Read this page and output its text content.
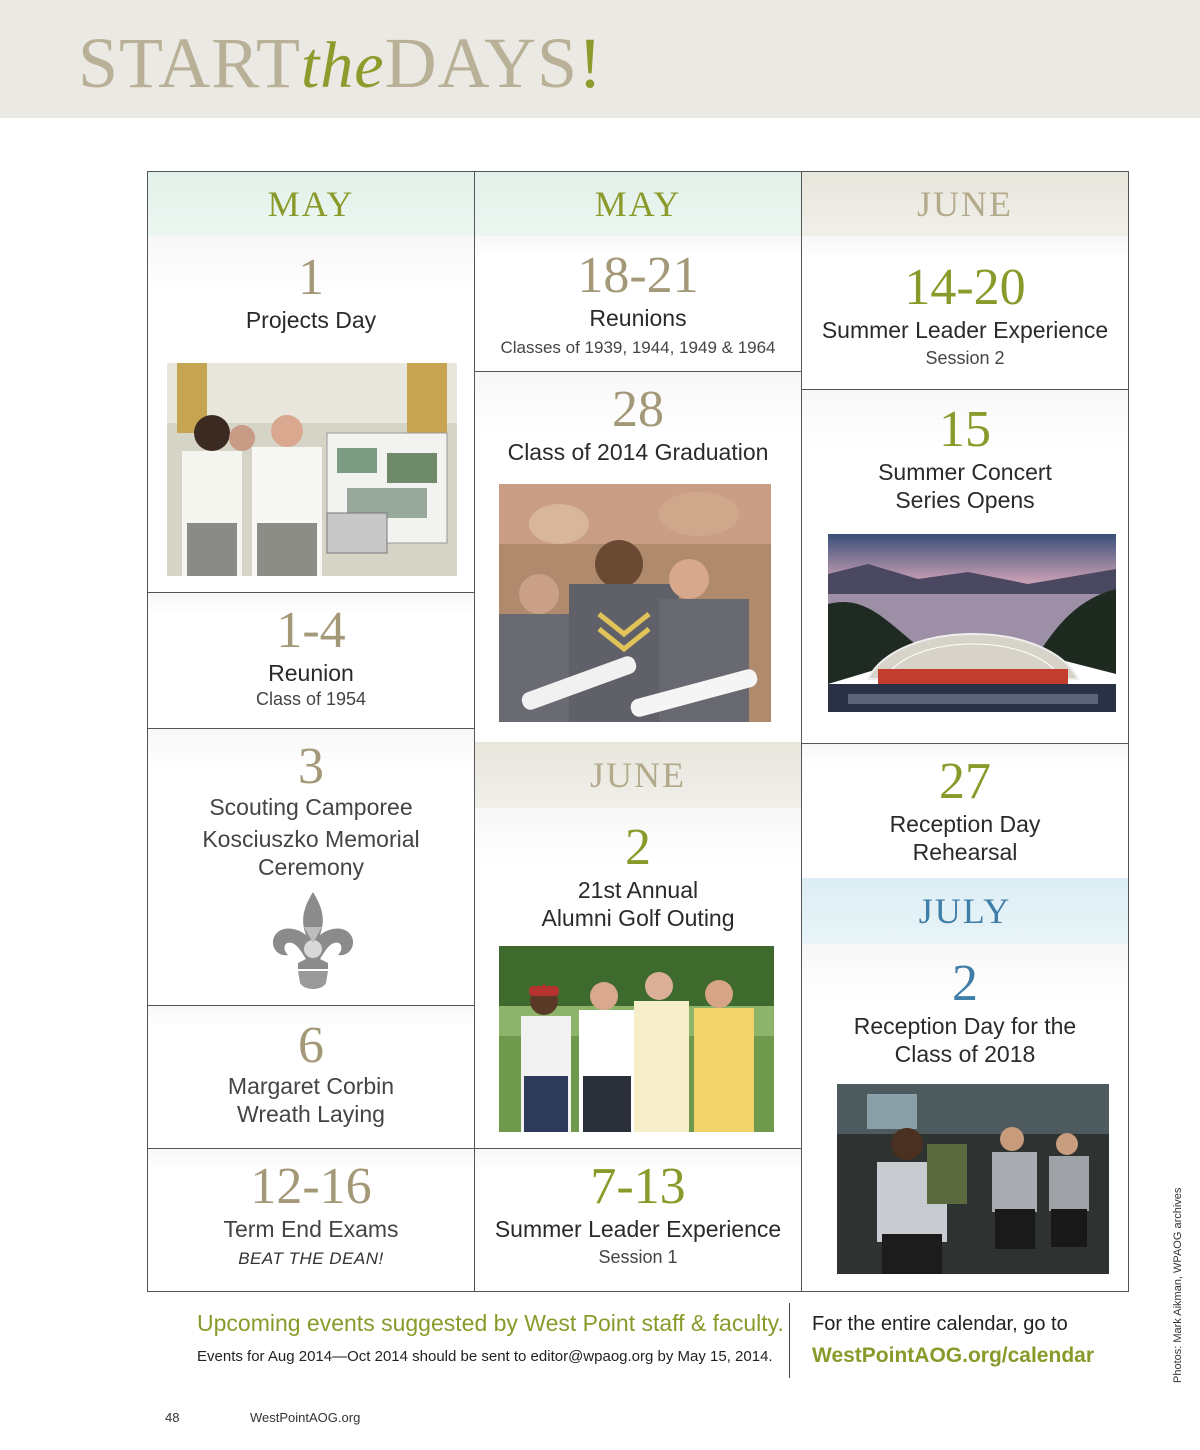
STARTtheDAYS!
MAY
1
Projects Day
1-4
Reunion
Class of 1954
3
Scouting Camporee
Kosciuszko Memorial
Ceremony
6
Margaret Corbin
Wreath Laying
12-16
Term End Exams
BEAT THE DEAN!
MAY
18-21
Reunions
Classes of 1939, 1944, 1949 & 1964
28
Class of 2014 Graduation
JUNE
2
21st Annual
Alumni Golf Outing
7-13
Summer Leader Experience
Session 1
JUNE
14-20
Summer Leader Experience
Session 2
15
Summer Concert
Series Opens
27
Reception Day
Rehearsal
JULY
2
Reception Day for the
Class of 2018
Upcoming events suggested by West Point staff & faculty.
Events for Aug 2014—Oct 2014 should be sent to editor@wpaog.org by May 15, 2014.
For the entire calendar, go to
WestPointAOG.org/calendar	Photos: Mark Aikman, WPAOG archives
48	WestPointAOG.org
